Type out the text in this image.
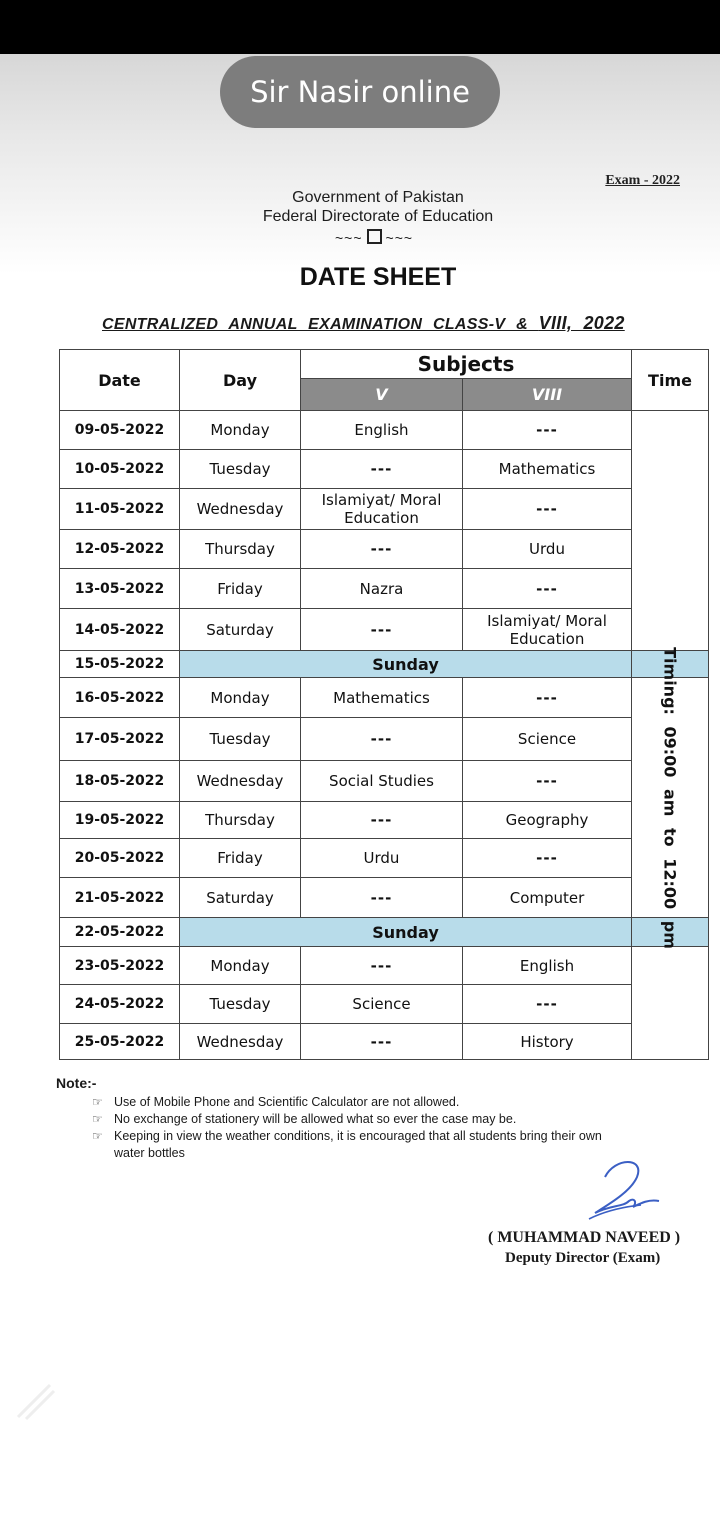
Sir Nasir online
Exam - 2022
Government of Pakistan
Federal Directorate of Education
~~~ ~~~
DATE SHEET
CENTRALIZED ANNUAL EXAMINATION CLASS-V & VIII, 2022
Date	Day	Subjects		Time
		V	VIII	
09-05-2022	Monday	English	---	
10-05-2022	Tuesday	---	Mathematics	
11-05-2022	Wednesday	Islamiyat/ Moral Education	---	
12-05-2022	Thursday	---	Urdu	
13-05-2022	Friday	Nazra	---	
14-05-2022	Saturday	---	Islamiyat/ Moral Education	
15-05-2022	Sunday			
16-05-2022	Monday	Mathematics	---	Timing: 09:00 am to 12:00 pm

17-05-2022	Tuesday	---	Science	
18-05-2022	Wednesday	Social Studies	---	
19-05-2022	Thursday	---	Geography	
20-05-2022	Friday	Urdu	---	
21-05-2022	Saturday	---	Computer	
22-05-2022	Sunday			
23-05-2022	Monday	---	English	
24-05-2022	Tuesday	Science	---	
25-05-2022	Wednesday	---	History	
Note:-
☞ Use of Mobile Phone and Scientific Calculator are not allowed.
☞ No exchange of stationery will be allowed what so ever the case may be.
☞ Keeping in view the weather conditions, it is encouraged that all students bring their own water bottles
( MUHAMMAD NAVEED )
Deputy Director (Exam)
